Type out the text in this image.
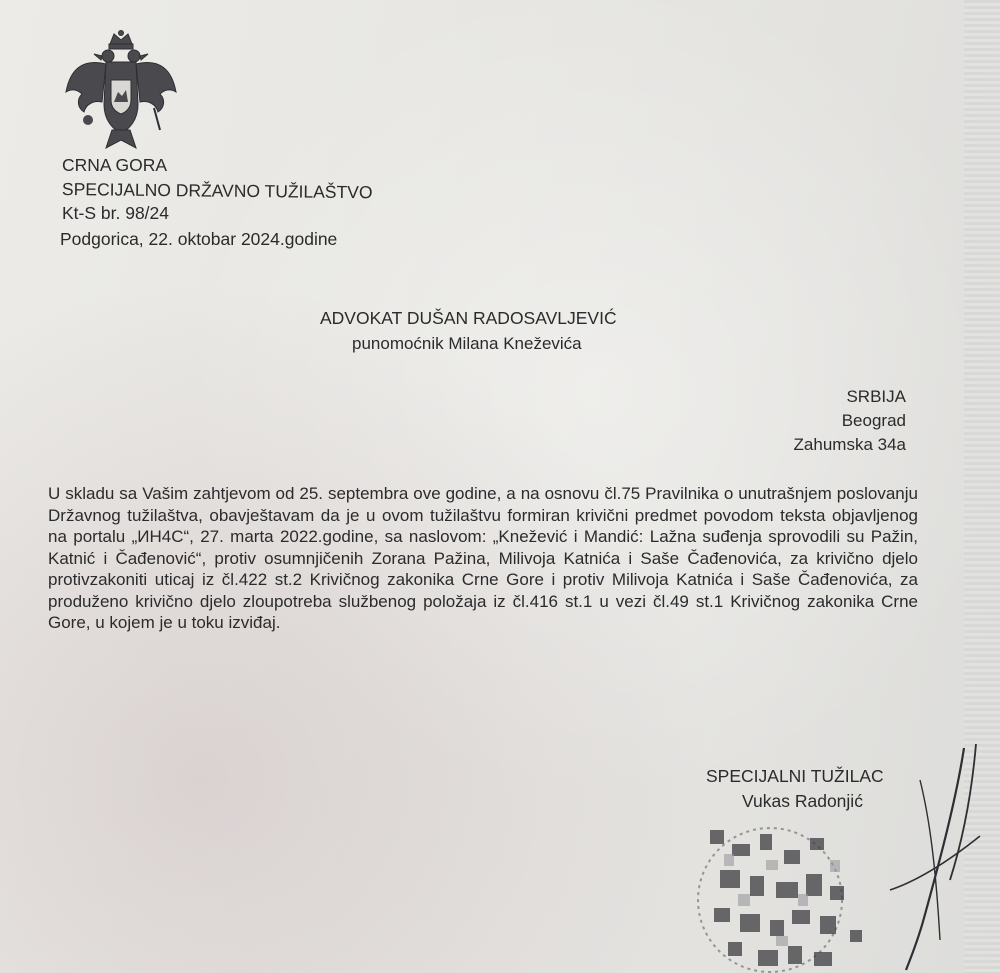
CRNA GORA
SPECIJALNO DRŽAVNO TUŽILAŠTVO
Kt-S br. 98/24
Podgorica, 22. oktobar 2024.godine
ADVOKAT DUŠAN RADOSAVLJEVIĆ
punomoćnik Milana Kneževića
SRBIJA
Beograd
Zahumska 34a

U skladu sa Vašim zahtjevom od 25. septembra ove godine, a na osnovu čl.75 Pravilnika o unutrašnjem poslovanju Državnog tužilaštva, obavještavam da je u ovom tužilaštvu formiran krivični predmet povodom teksta objavljenog na portalu „ИН4С“, 27. marta 2022.godine, sa naslovom: „Knežević i Mandić: Lažna suđenja sprovodili su Pažin, Katnić i Čađenović“, protiv osumnjičenih Zorana Pažina, Milivoja Katnića i Saše Čađenovića, za krivično djelo protivzakoniti uticaj iz čl.422 st.2 Krivičnog zakonika Crne Gore i protiv Milivoja Katnića i Saše Čađenovića, za produženo krivično djelo zloupotreba službenog položaja iz čl.416 st.1 u vezi čl.49 st.1 Krivičnog zakonika Crne Gore, u kojem je u toku izviđaj.

SPECIJALNI TUŽILAC
Vukas Radonjić
